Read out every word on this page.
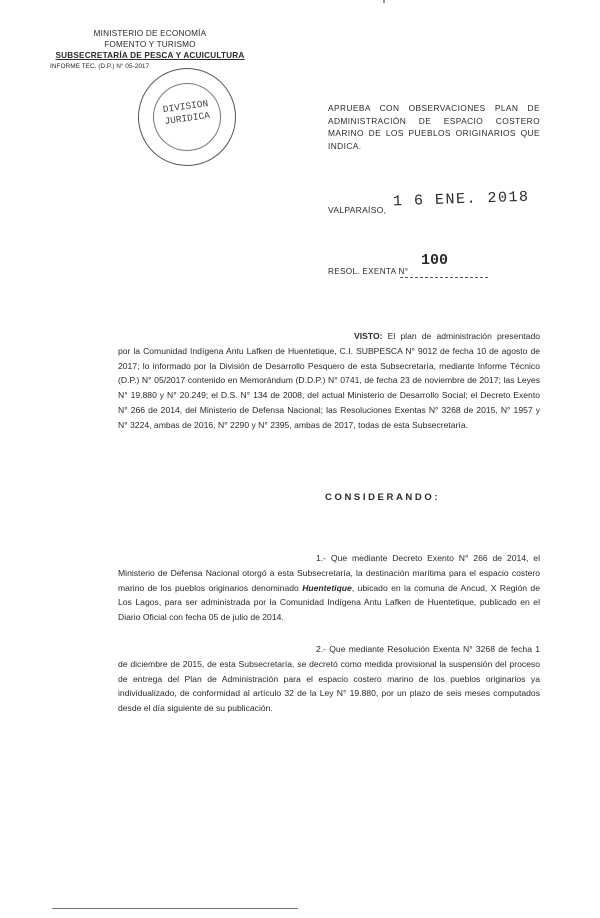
MINISTERIO DE ECONOMÍA
FOMENTO Y TURISMO
SUBSECRETARÍA DE PESCA Y ACUICULTURA
INFORME TEC. (D.P.) N° 05-2017
DIVISION
JURIDICA
APRUEBA CON OBSERVACIONES PLAN DE ADMINISTRACIÓN DE ESPACIO COSTERO MARINO DE LOS PUEBLOS ORIGINARIOS QUE INDICA.
VALPARAÍSO, 1 6 ENE. 2018
RESOL. EXENTA N°
100
VISTO: El plan de administración presentado por la Comunidad Indígena Antu Lafken de Huentetique, C.I. SUBPESCA N° 9012 de fecha 10 de agosto de 2017; lo informado por la División de Desarrollo Pesquero de esta Subsecretaría, mediante Informe Técnico (D.P.) N° 05/2017 contenido en Memorándum (D.D.P.) N° 0741, de fecha 23 de noviembre de 2017; las Leyes N° 19.880 y N° 20.249; el D.S. N° 134 de 2008, del actual Ministerio de Desarrollo Social; el Decreto Exento N° 266 de 2014, del Ministerio de Defensa Nacional; las Resoluciones Exentas N° 3268 de 2015, N° 1957 y N° 3224, ambas de 2016, N° 2290 y N° 2395, ambas de 2017, todas de esta Subsecretaría.
CONSIDERANDO:
1.- Que mediante Decreto Exento N° 266 de 2014, el Ministerio de Defensa Nacional otorgó a esta Subsecretaría, la destinación marítima para el espacio costero marino de los pueblos originarios denominado Huentetique, ubicado en la comuna de Ancud, X Región de Los Lagos, para ser administrada por la Comunidad Indígena Antu Lafken de Huentetique, publicado en el Diario Oficial con fecha 05 de julio de 2014.
2.- Que mediante Resolución Exenta N° 3268 de fecha 1 de diciembre de 2015, de esta Subsecretaría, se decretó como medida provisional la suspensión del proceso de entrega del Plan de Administración para el espacio costero marino de los pueblos originarios ya individualizado, de conformidad al artículo 32 de la Ley N° 19.880, por un plazo de seis meses computados desde el día siguiente de su publicación.
